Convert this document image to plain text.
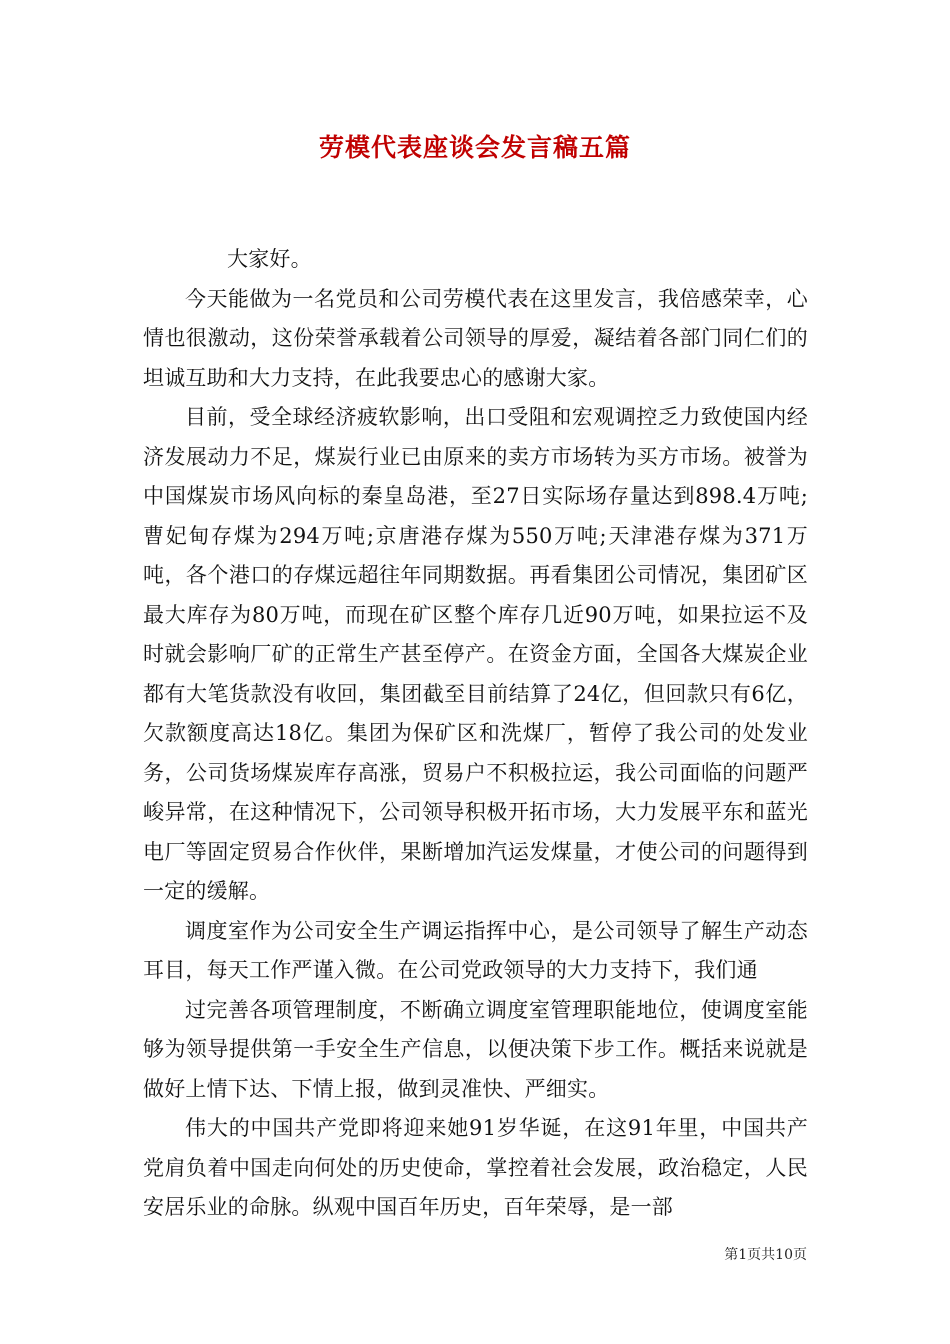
劳模代表座谈会发言稿五篇

大家好。

今天能做为一名党员和公司劳模代表在这里发言，我倍感荣幸，心情也很激动，这份荣誉承载着公司领导的厚爱，凝结着各部门同仁们的坦诚互助和大力支持，在此我要忠心的感谢大家。

目前，受全球经济疲软影响，出口受阻和宏观调控乏力致使国内经济发展动力不足，煤炭行业已由原来的卖方市场转为买方市场。被誉为中国煤炭市场风向标的秦皇岛港，至27日实际场存量达到898.4万吨;曹妃甸存煤为294万吨;京唐港存煤为550万吨;天津港存煤为371万吨，各个港口的存煤远超往年同期数据。再看集团公司情况，集团矿区最大库存为80万吨，而现在矿区整个库存几近90万吨，如果拉运不及时就会影响厂矿的正常生产甚至停产。在资金方面，全国各大煤炭企业都有大笔货款没有收回，集团截至目前结算了24亿，但回款只有6亿，欠款额度高达18亿。集团为保矿区和洗煤厂，暂停了我公司的处发业务，公司货场煤炭库存高涨，贸易户不积极拉运，我公司面临的问题严峻异常，在这种情况下，公司领导积极开拓市场，大力发展平东和蓝光电厂等固定贸易合作伙伴，果断增加汽运发煤量，才使公司的问题得到一定的缓解。

调度室作为公司安全生产调运指挥中心，是公司领导了解生产动态耳目，每天工作严谨入微。在公司党政领导的大力支持下，我们通

过完善各项管理制度，不断确立调度室管理职能地位，使调度室能够为领导提供第一手安全生产信息，以便决策下步工作。概括来说就是做好上情下达、下情上报，做到灵准快、严细实。

伟大的中国共产党即将迎来她91岁华诞，在这91年里，中国共产党肩负着中国走向何处的历史使命，掌控着社会发展，政治稳定，人民安居乐业的命脉。纵观中国百年历史，百年荣辱，是一部

第1页共10页
